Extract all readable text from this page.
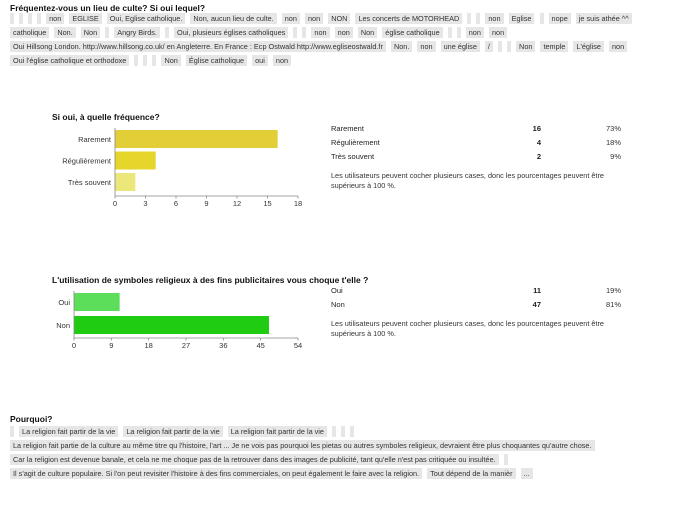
Fréquentez-vous un lieu de culte? Si oui lequel?
non EGLISE Oui, Eglise catholique. Non, aucun lieu de culte. non non NON Les concerts de MOTORHEAD	non Eglise	nope je suis athée ^^ catholique Non. Non	Angry Birds.	Oui, plusieurs églises catholiques	non non Non église catholique	non non Oui Hillsong London. http://www.hillsong.co.uk/ en Angleterre. En France : Ecp Ostwald http://www.egliseostwald.fr Non. non une église /	Non temple L'église non Oui l'église catholique et orthodoxe	Non Église catholique oui non
Si oui, à quelle fréquence?
Rarement
Régulièrement
Très souvent
0	3	6	9	12	15	18
Rarement	16	73%
Régulièrement	4	18%
Très souvent	2	9%
Les utilisateurs peuvent cocher plusieurs cases, donc les pourcentages peuvent être supérieurs à 100 %.
L'utilisation de symboles religieux à des fins publicitaires vous choque t'elle ?
Oui
Non
0	9	18	27	36	45	54
Oui	11	19%
Non	47	81%
Les utilisateurs peuvent cocher plusieurs cases, donc les pourcentages peuvent être supérieurs à 100 %.
Pourquoi?
La religion fait partir de la vie La religion fait partir de la vie La religion fait partir de la vie       La religion fait partie de la culture au même titre qu l'histoire, l'art ... Je ne vois pas pourquoi les pietas ou autres symboles religieux, devraient être plus choquantes qu'autre chose. Car la religion est devenue banale, et cela ne me choque pas de la retrouver dans des images de publicité, tant qu'elle n'est pas critiquée ou insultée.   Il s'agit de culture populaire. Si l'on peut revisiter l'histoire à des fins commerciales, on peut également le faire avec la religion. Tout dépend de la manièr ...
